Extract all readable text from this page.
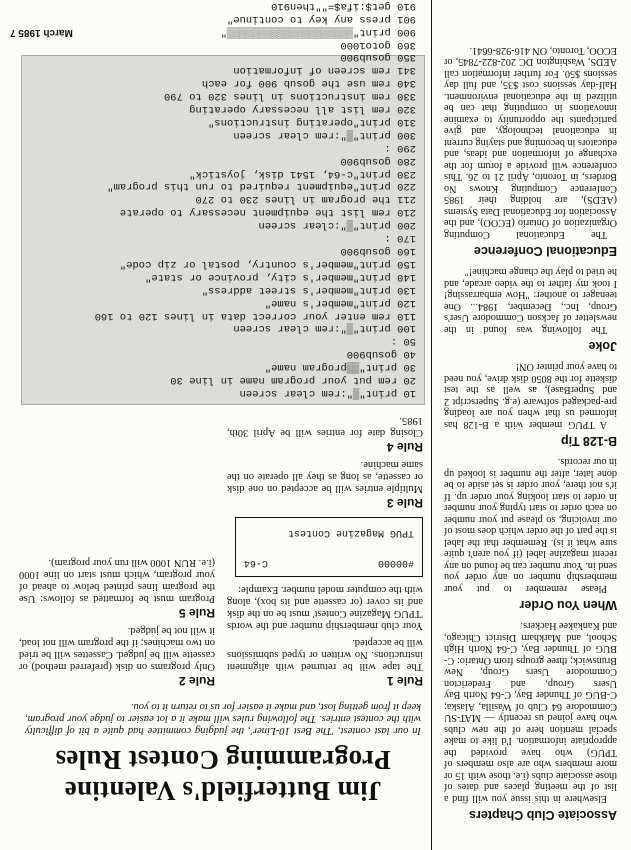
Associate Club Chapters

Elsewhere in this issue you will find a list of the meeting places and dates of those associate clubs (i.e. those with 15 or more members who are also members of TPUG) who have provided the appropriate information. I'd like to make special mention here of the new clubs who have joined us recently — MAT-SU Commodore 64 Club of Wasilla, Alaska; C-BUG of Thunder Bay, C-64 North Bay Users Group, and Fredericton Commodore Users Group, New Brunswick; three groups from Ontario: C-BUG of Thunder Bay, C-64 North High School, and Markham District Chicago, and Kankakee Hackers.

When You Order

Please remember to put your membership number on any order you send in. Your number can be found on any recent magazine label (if you aren't quite sure what it is). Remember that the label is the part of the order which does most of our invoicing, so please put your number on each order to start typing your number in order to start looking your order up. If it's not there, your order is set aside to be done later, after the number is looked up in our records.

B-128 Tip

A TPUG member with a B-128 has informed us that when you are loading pre-packaged software (e.g. Superscript 2 and SuperBase), as well as the test diskette for the 8050 disk drive, you need to have your printer ON!

Joke

The following was found in the newsletter of Jackson Commodore User's Group, Inc., December, 1984... One teenager to another: "How embarrassing! I took my father to the video arcade, and he tried to play the change machine!"

Educational Conference

The Educational Computing Organization of Ontario (ECOO), and the Association for Educational Data Systems (AEDS), are holding their 1985 Conference Computing Knows No Borders, in Toronto, April 21 to 26. This conference will provide a forum for the exchange of information and ideas, and educators in becoming and staying current in educational technology, and give participants the opportunity to examine innovations in computing that can be utilized in the educational environment. Half-day sessions cost $35, and full day sessions $50. For further information call AEDS, Washington DC 202-822-7845, or ECOO, Toronto, ON 416-928-6641.

Jim Butterfield's Valentine Programming Contest Rules
In our last contest, 'The Best 10-Liner', the judging committee had quite a bit of difficulty with the contest entries. The following rules will make it a lot easier to judge your program, keep it from getting lost, and make it easier for us to return it to you.
Rule 1

The tape will be returned with alignment instructions. No written or typed submissions will be accepted.

Your club membership number and the words 'TPUG Magazine Contest' must be on the disk and its cover (or cassette and its box), along with the computer model number. Example:

#00000
C-64
TPUG Magazine Contest
Rule 3

Multiple entries will be accepted on one disk or cassette, as long as they all operate on the same machine.

Rule 4

Closing date for entries will be April 30th, 1985.

Rule 2

Only programs on disk (preferred method) or cassette will be judged. Cassettes will be tried on two machines; if the program will not load, it will not be judged.

Rule 5

Program must be formatted as follows: Use the program lines printed below to ahead of your program, which must start on line 1000 (i.e. RUN 1000 will run your program).

10 print"▒":rem clear screen
20 rem put your program name in line 30
30 print"▒▒program name"
40 gosub900
50 :
100 print"▒":rem clear screen
110 rem enter your correct data in lines 120 to 160
120 print"member's name"
130 print"member's street address"
140 print"member's city, province or state"
150 print"member's country, postal or zip code"
160 gosub900
170 :
200 print"▒":clear screen
210 rem list the equipment necessary to operate
211 the program in lines 230 to 270
220 print"equipment required to run this program"
230 print"c-64, 1541 disk, joystick"
280 gosub900
290 :
300 print"▒":rem clear screen
310 print"operating instructions"
320 rem list all necessary operating
330 rem instructions in lines 320 to 790
340 rem use the gosub 900 for each
341 rem screen of information
350 gosub900
360 goto1000
900 print"▒▒▒▒▒▒▒▒▒▒▒▒▒▒▒▒▒▒▒▒"
901 press any key to continue"
910 get$:ifa$=""then910
March 1985 7
